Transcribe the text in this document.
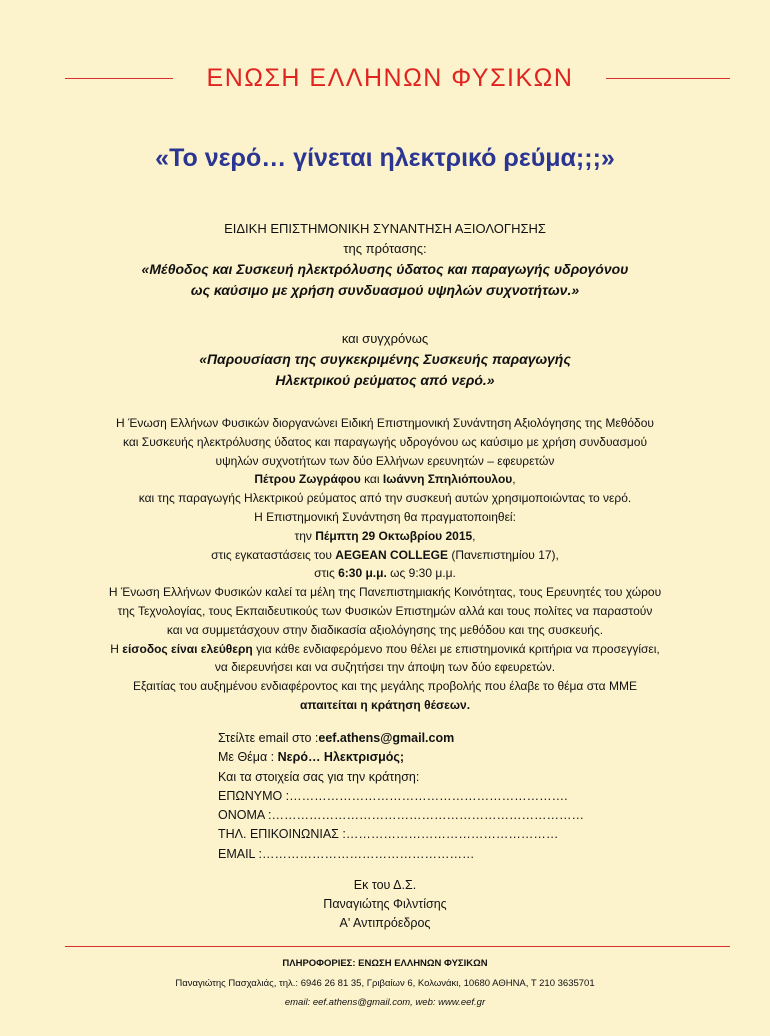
ΕΝΩΣΗ ΕΛΛΗΝΩΝ ΦΥΣΙΚΩΝ
«Το νερό… γίνεται ηλεκτρικό ρεύμα;;;»
ΕΙΔΙΚΗ ΕΠΙΣΤΗΜΟΝΙΚΗ ΣΥΝΑΝΤΗΣΗ ΑΞΙΟΛΟΓΗΣΗΣ
της πρότασης:
«Μέθοδος και Συσκευή ηλεκτρόλυσης ύδατος και παραγωγής υδρογόνου
ως καύσιμο με χρήση συνδυασμού υψηλών συχνοτήτων.»
και συγχρόνως
«Παρουσίαση της συγκεκριμένης Συσκευής παραγωγής
Ηλεκτρικού ρεύματος από νερό.»
Η Ένωση Ελλήνων Φυσικών διοργανώνει Ειδική Επιστημονική Συνάντηση Αξιολόγησης της Μεθόδου
και Συσκευής ηλεκτρόλυσης ύδατος και παραγωγής υδρογόνου ως καύσιμο με χρήση συνδυασμού
υψηλών συχνοτήτων των δύο Ελλήνων ερευνητών – εφευρετών
Πέτρου Ζωγράφου και Ιωάννη Σπηλιόπουλου,
και της παραγωγής Ηλεκτρικού ρεύματος από την συσκευή αυτών χρησιμοποιώντας το νερό.
Η Επιστημονική Συνάντηση θα πραγματοποιηθεί:
την Πέμπτη 29 Οκτωβρίου 2015,
στις εγκαταστάσεις του AEGEAN COLLEGE (Πανεπιστημίου 17),
στις 6:30 μ.μ. ως 9:30 μ.μ.
Η Ένωση Ελλήνων Φυσικών καλεί τα μέλη της Πανεπιστημιακής Κοινότητας, τους Ερευνητές του χώρου
της Τεχνολογίας, τους Εκπαιδευτικούς των Φυσικών Επιστημών αλλά και τους πολίτες να παραστούν
και να συμμετάσχουν στην διαδικασία αξιολόγησης της μεθόδου και της συσκευής.
Η είσοδος είναι ελεύθερη για κάθε ενδιαφερόμενο που θέλει με επιστημονικά κριτήρια να προσεγγίσει,
να διερευνήσει και να συζητήσει την άποψη των δύο εφευρετών.
Εξαιτίας του αυξημένου ενδιαφέροντος και της μεγάλης προβολής που έλαβε το θέμα στα ΜΜΕ
απαιτείται η κράτηση θέσεων.
Στείλτε email στο :eef.athens@gmail.com
Με Θέμα : Νερό… Ηλεκτρισμός;
Και τα στοιχεία σας για την κράτηση:
ΕΠΩΝΥΜΟ :………………………………………………………….
ΟΝΟΜΑ :…………………………………………………………………
ΤΗΛ. ΕΠΙΚΟΙΝΩΝΙΑΣ :……………………………………………
EMAIL :……………………………………………
Εκ του Δ.Σ.
Παναγιώτης Φιλντίσης
Α' Αντιπρόεδρος
ΠΛΗΡΟΦΟΡΙΕΣ: ΕΝΩΣΗ ΕΛΛΗΝΩΝ ΦΥΣΙΚΩΝ
Παναγιώτης Πασχαλιάς, τηλ.: 6946 26 81 35, Γριβαίων 6, Κολωνάκι, 10680 ΑΘΗΝΑ, Τ 210 3635701
email: eef.athens@gmail.com, web: www.eef.gr
